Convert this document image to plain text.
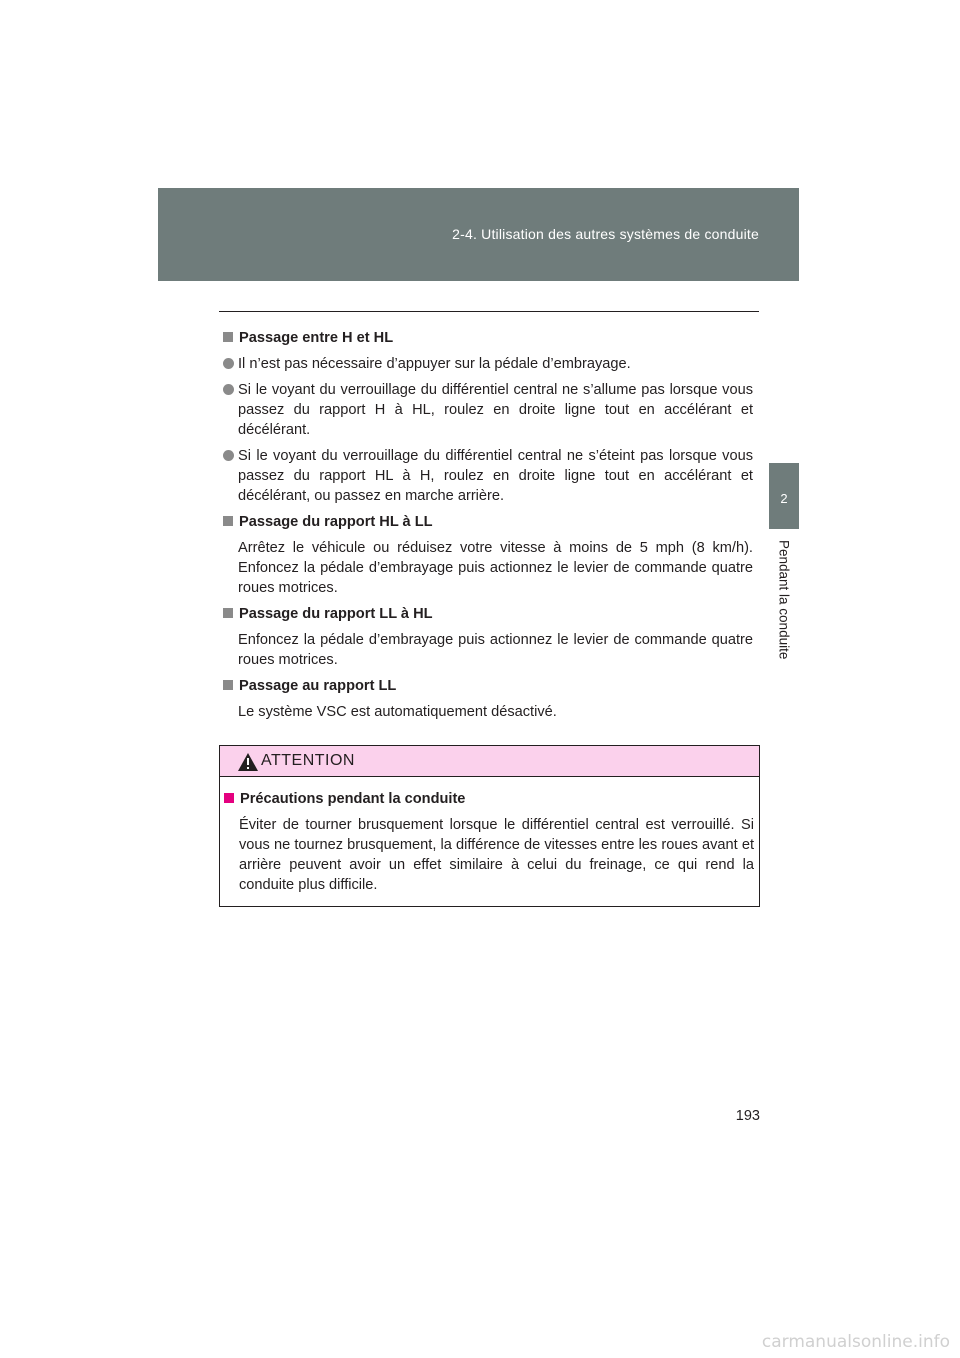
2-4. Utilisation des autres systèmes de conduite
2
Pendant la conduite
Passage entre H et HL
Il n’est pas nécessaire d’appuyer sur la pédale d’embrayage.
Si le voyant du verrouillage du différentiel central ne s’allume pas lorsque vous passez du rapport H à HL, roulez en droite ligne tout en accélérant et décélérant.
Si le voyant du verrouillage du différentiel central ne s’éteint pas lorsque vous passez du rapport HL à H, roulez en droite ligne tout en accélérant et décélérant, ou passez en marche arrière.
Passage du rapport HL à LL
Arrêtez le véhicule ou réduisez votre vitesse à moins de 5 mph (8 km/h). Enfoncez la pédale d’embrayage puis actionnez le levier de commande quatre roues motrices.
Passage du rapport LL à HL
Enfoncez la pédale d’embrayage puis actionnez le levier de commande quatre roues motrices.
Passage au rapport LL
Le système VSC est automatiquement désactivé.
ATTENTION
Précautions pendant la conduite
Éviter de tourner brusquement lorsque le différentiel central est verrouillé. Si vous ne tournez brusquement, la différence de vitesses entre les roues avant et arrière peuvent avoir un effet similaire à celui du freinage, ce qui rend la conduite plus difficile.
193
carmanualsonline.info
